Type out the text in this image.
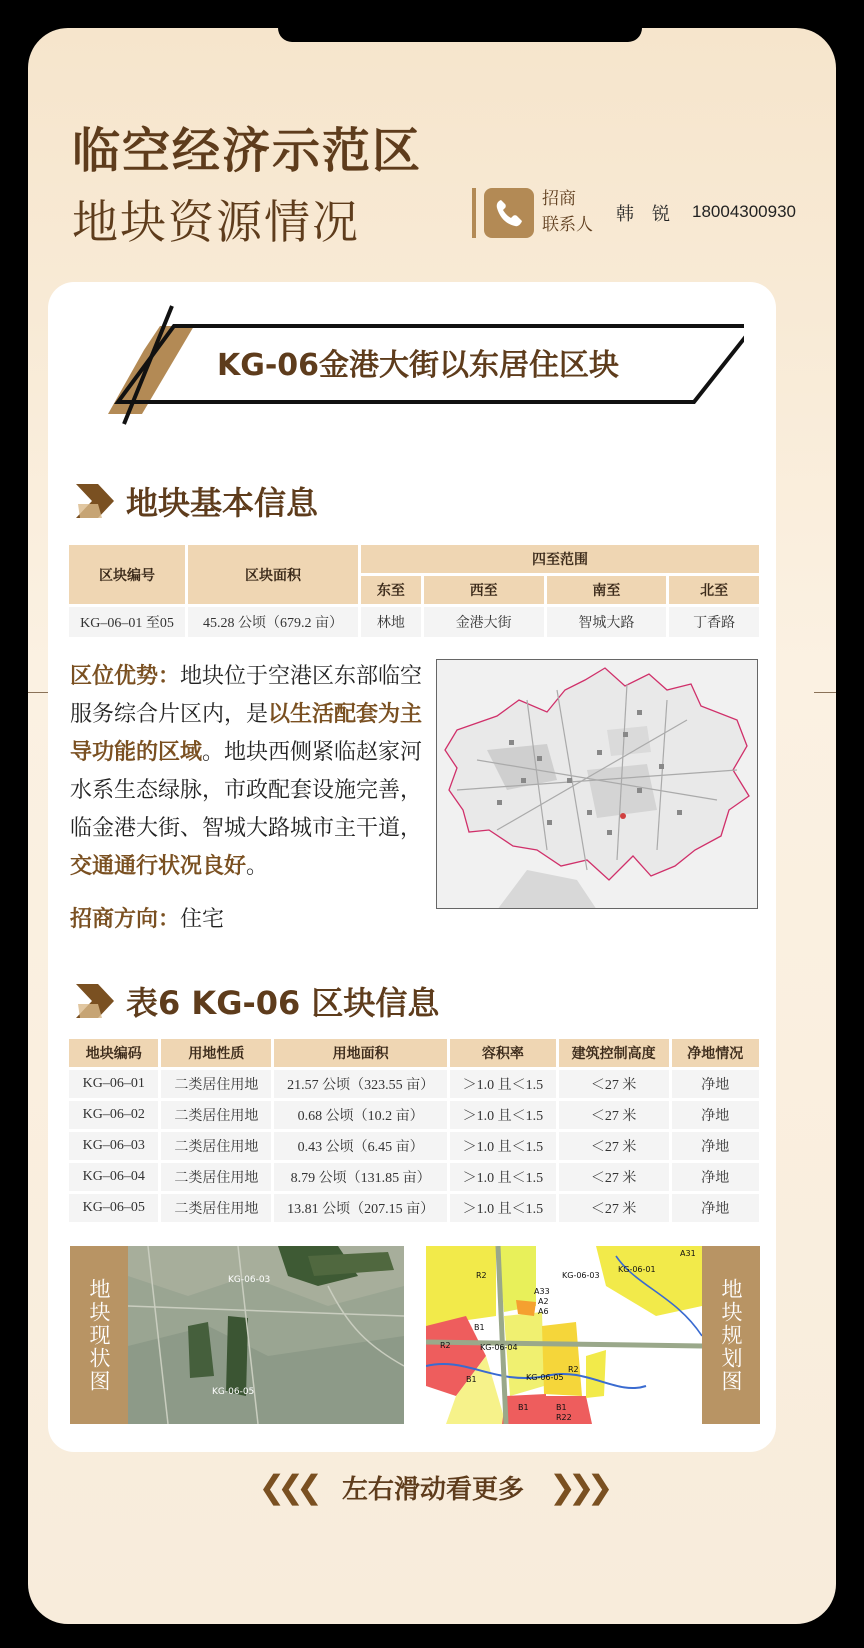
临空经济示范区
地块资源情况	招商
联系人	韩锐 18004300930
KG-06金港大街以东居住区块
地块基本信息
区块编号	区块面积	四至范围			
		东至	西至	南至	北至
KG–06–01 至05	45.28 公顷（679.2 亩）	林地	金港大街	智城大路	丁香路
区位优势：地块位于空港区东部临空服务综合片区内，是以生活配套为主导功能的区域。地块西侧紧临赵家河水系生态绿脉，市政配套设施完善，临金港大街、智城大路城市主干道，交通通行状况良好。
招商方向：住宅
表6 KG-06 区块信息
地块编码	用地性质	用地面积	容积率	建筑控制高度	净地情况
KG–06–01	二类居住用地	21.57 公顷（323.55 亩）	＞1.0 且＜1.5	＜27 米	净地
KG–06–02	二类居住用地	0.68 公顷（10.2 亩）	＞1.0 且＜1.5	＜27 米	净地
KG–06–03	二类居住用地	0.43 公顷（6.45 亩）	＞1.0 且＜1.5	＜27 米	净地
KG–06–04	二类居住用地	8.79 公顷（131.85 亩）	＞1.0 且＜1.5	＜27 米	净地
KG–06–05	二类居住用地	13.81 公顷（207.15 亩）	＞1.0 且＜1.5	＜27 米	净地
地块现状图	KG-06-03
KG-06-05
R2
R2
B1
B1
B1	B1
A2
A6
A33
A31
R22
R2
KG-06-03
KG-06-01
KG-06-04
KG-06-05	地块规划图
❮❮❮ 左右滑动看更多 ❯❯❯
